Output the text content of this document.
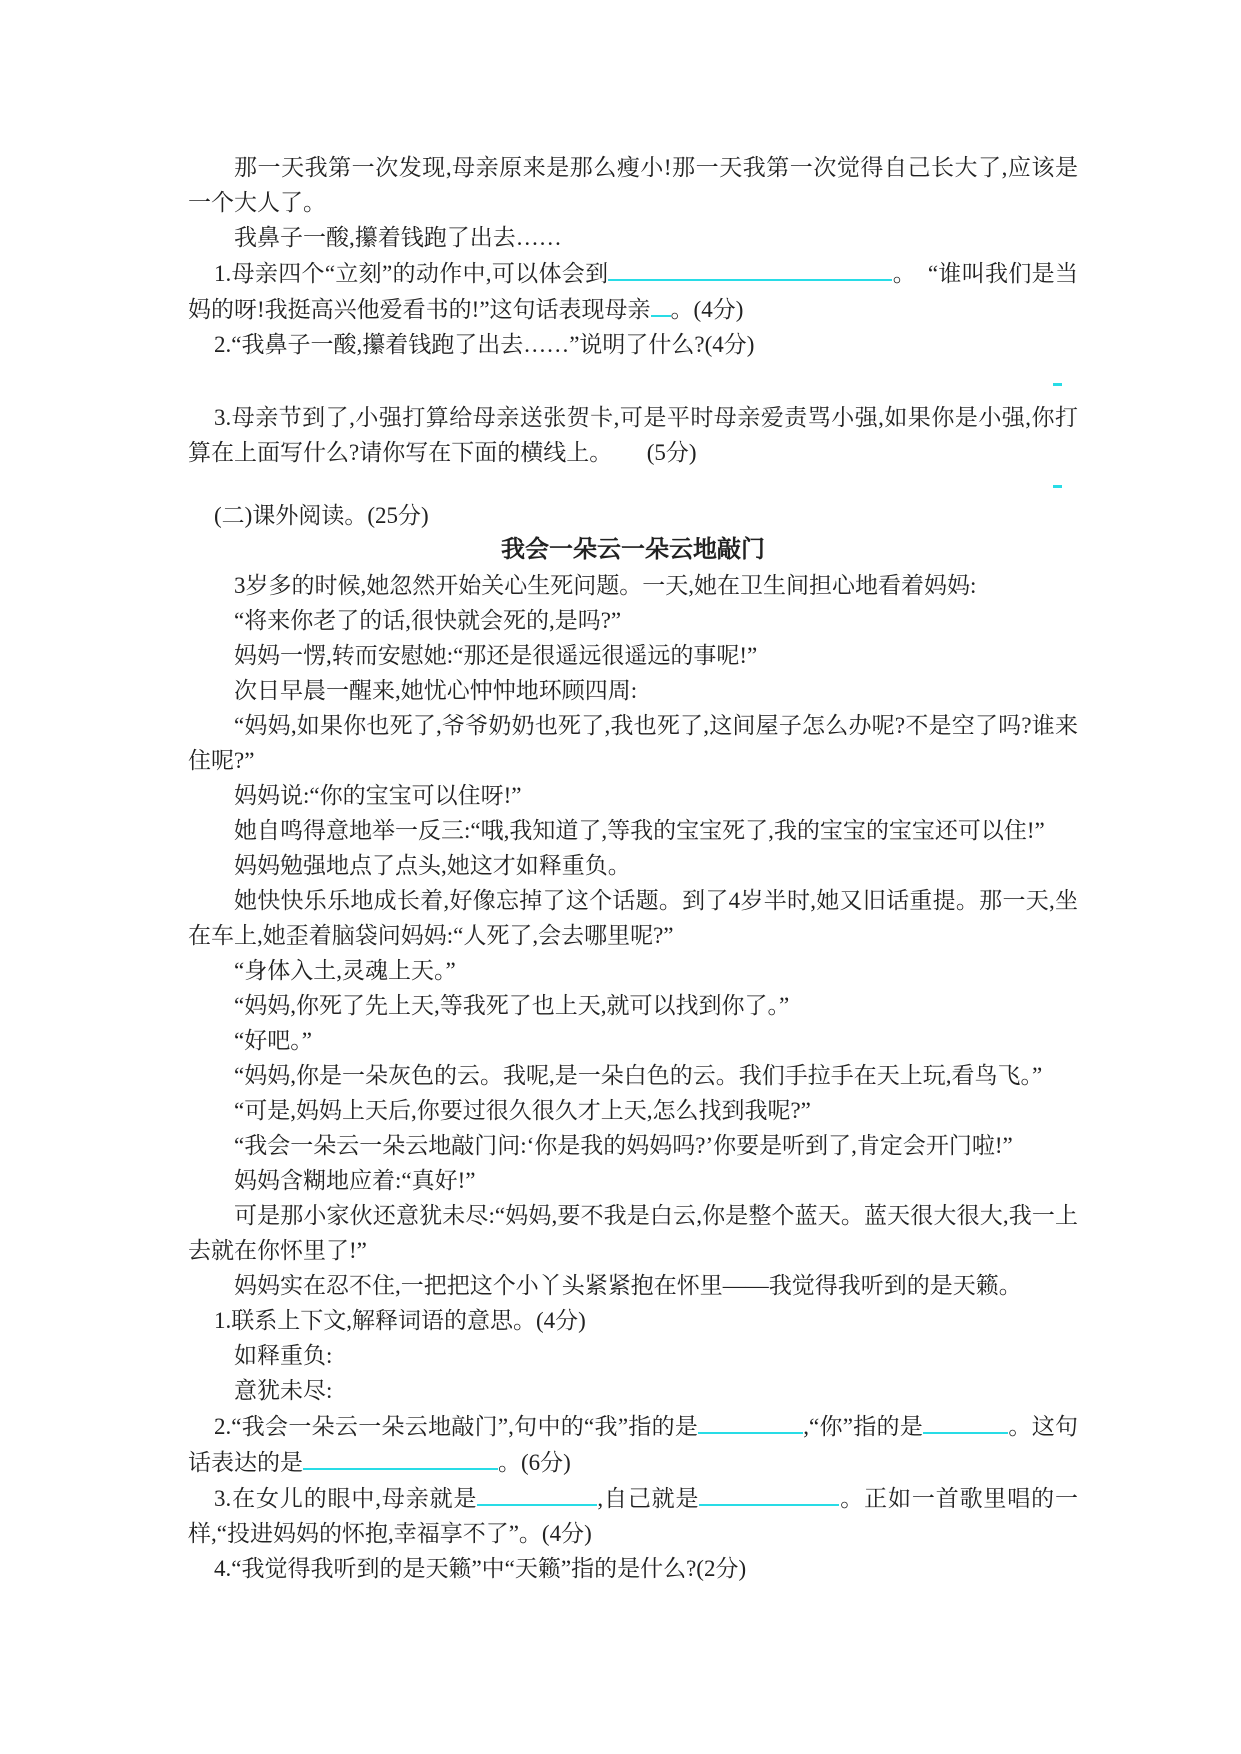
那一天我第一次发现,母亲原来是那么瘦小!那一天我第一次觉得自己长大了,应该是一个大人了。
我鼻子一酸,攥着钱跑了出去……
1.母亲四个“立刻”的动作中,可以体会到	。　“谁叫我们是当妈的呀!我挺高兴他爱看书的!”这句话表现母亲 。(4分)
2.“我鼻子一酸,攥着钱跑了出去……”说明了什么?(4分)
3.母亲节到了,小强打算给母亲送张贺卡,可是平时母亲爱责骂小强,如果你是小强,你打算在上面写什么?请你写在下面的横线上。　　(5分)
(二)课外阅读。(25分)
我会一朵云一朵云地敲门
3岁多的时候,她忽然开始关心生死问题。一天,她在卫生间担心地看着妈妈:
“将来你老了的话,很快就会死的,是吗?”
妈妈一愣,转而安慰她:“那还是很遥远很遥远的事呢!”
次日早晨一醒来,她忧心忡忡地环顾四周:
“妈妈,如果你也死了,爷爷奶奶也死了,我也死了,这间屋子怎么办呢?不是空了吗?谁来住呢?”
妈妈说:“你的宝宝可以住呀!”
她自鸣得意地举一反三:“哦,我知道了,等我的宝宝死了,我的宝宝的宝宝还可以住!”
妈妈勉强地点了点头,她这才如释重负。
她快快乐乐地成长着,好像忘掉了这个话题。到了4岁半时,她又旧话重提。那一天,坐在车上,她歪着脑袋问妈妈:“人死了,会去哪里呢?”
“身体入土,灵魂上天。”
“妈妈,你死了先上天,等我死了也上天,就可以找到你了。”
“好吧。”
“妈妈,你是一朵灰色的云。我呢,是一朵白色的云。我们手拉手在天上玩,看鸟飞。”
“可是,妈妈上天后,你要过很久很久才上天,怎么找到我呢?”
“我会一朵云一朵云地敲门问:‘你是我的妈妈吗?’你要是听到了,肯定会开门啦!”
妈妈含糊地应着:“真好!”
可是那小家伙还意犹未尽:“妈妈,要不我是白云,你是整个蓝天。蓝天很大很大,我一上去就在你怀里了!”
妈妈实在忍不住,一把把这个小丫头紧紧抱在怀里——我觉得我听到的是天籁。
1.联系上下文,解释词语的意思。(4分)
如释重负:
意犹未尽:
2.“我会一朵云一朵云地敲门”,句中的“我”指的是	,“你”指的是	。这句话表达的是	。(6分)
3.在女儿的眼中,母亲就是	,自己就是	。正如一首歌里唱的一样,“投进妈妈的怀抱,幸福享不了”。(4分)
4.“我觉得我听到的是天籁”中“天籁”指的是什么?(2分)
